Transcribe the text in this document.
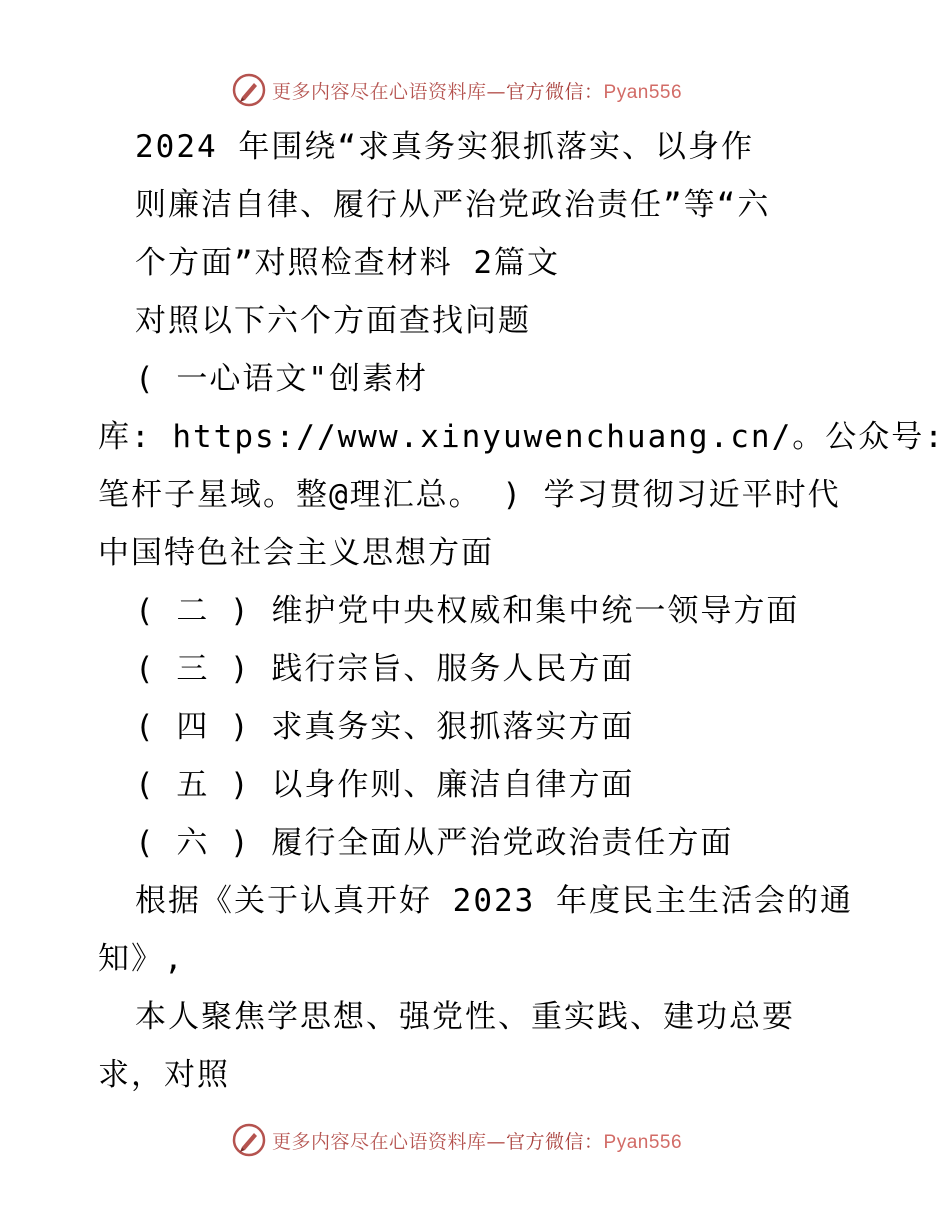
更多内容尽在心语资料库—官方微信：Pyan556
2024 年围绕“求真务实狠抓落实、以身作
则廉洁自律、履行从严治党政治责任”等“六
个方面”对照检查材料 2篇文
对照以下六个方面查找问题
( 一心语文"创素材
库: https://www.xinyuwenchuang.cn/。公众号:
笔杆子星域。整@理汇总。 ) 学习贯彻习近平时代
中国特色社会主义思想方面
( 二 ) 维护党中央权威和集中统一领导方面
( 三 ) 践行宗旨、服务人民方面
( 四 ) 求真务实、狠抓落实方面
( 五 ) 以身作则、廉洁自律方面
( 六 ) 履行全面从严治党政治责任方面
根据《关于认真开好 2023 年度民主生活会的通
知》,
本人聚焦学思想、强党性、重实践、建功总要
求，对照
更多内容尽在心语资料库—官方微信：Pyan556
